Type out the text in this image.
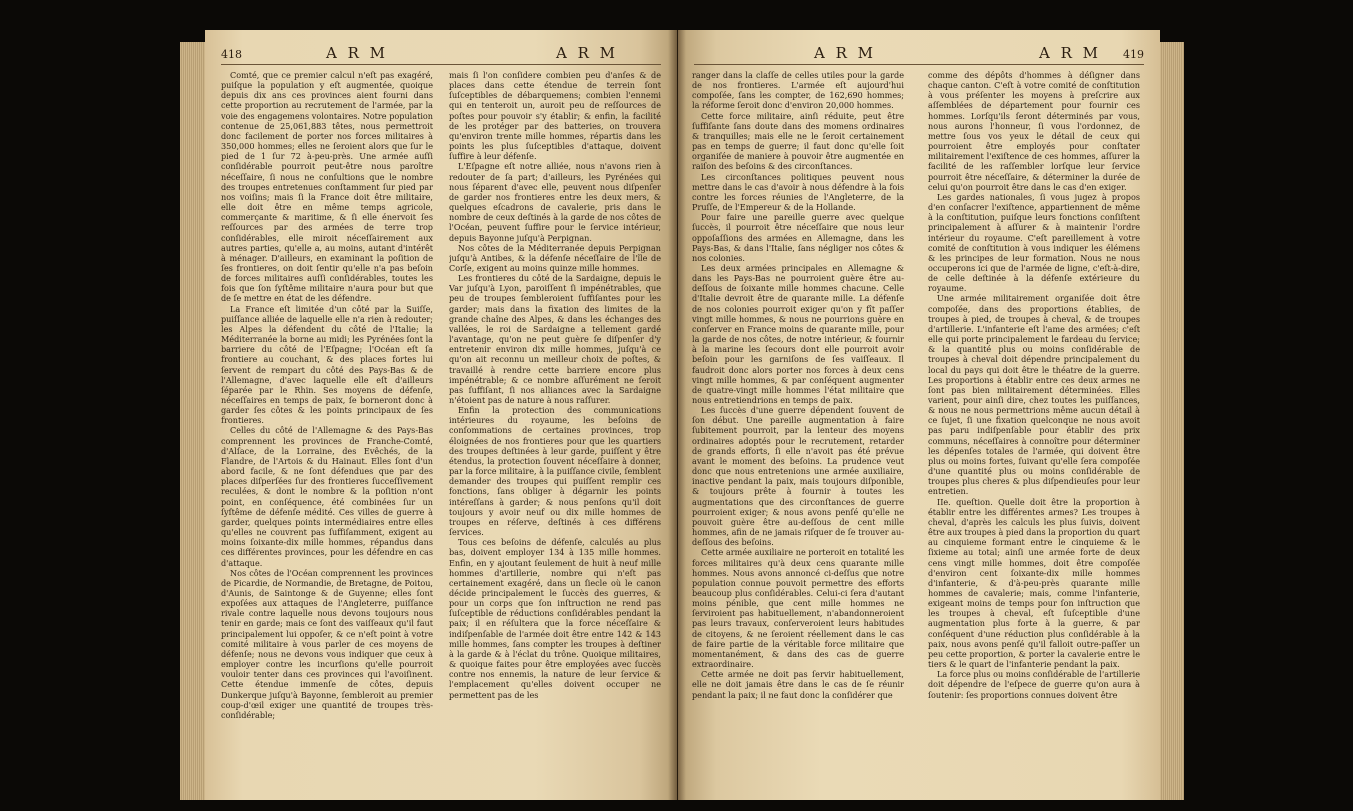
418	A R M	A R M

Comté, que ce premier calcul n'eſt pas exagéré, puiſque la population y eſt augmentée, quoique depuis dix ans ces provinces aient fourni dans cette proportion au recrutement de l'armée, par la voie des engagemens volontaires. Notre population contenue de 25,061,883 têtes, nous permettroit donc facilement de porter nos forces militaires à 350,000 hommes; elles ne ſeroient alors que ſur le pied de 1 ſur 72 à-peu-près. Une armée auſſi conſidérable pourroit peut-être nous paroître néceſſaire, ſi nous ne conſultions que le nombre des troupes entretenues conſtamment ſur pied par nos voiſins; mais ſi la France doit être militaire, elle doit être en même temps agricole, commerçante & maritime, & ſi elle énervoit ſes reſſources par des armées de terre trop conſidérables, elle miroit néceſſairement aux autres parties, qu'elle a, au moins, autant d'intérêt à ménager. D'ailleurs, en examinant la poſition de ſes frontieres, on doit ſentir qu'elle n'a pas beſoin de forces militaires auſſi conſidérables, toutes les fois que ſon ſyſtême militaire n'aura pour but que de ſe mettre en état de les défendre.

La France eſt limitée d'un côté par la Suiſſe, puiſſance alliée de laquelle elle n'a rien à redouter; les Alpes la défendent du côté de l'Italie; la Méditerranée la borne au midi; les Pyrénées ſont la barriere du côté de l'Eſpagne; l'Océan eſt ſa frontiere au couchant, & des places fortes lui ſervent de rempart du côté des Pays-Bas & de l'Allemagne, d'avec laquelle elle eſt d'ailleurs ſéparée par le Rhin. Ses moyens de défenſe, néceſſaires en temps de paix, ſe borneront donc à garder ſes côtes & les points principaux de ſes frontieres.

Celles du côté de l'Allemagne & des Pays-Bas comprennent les provinces de Franche-Comté, d'Alſace, de la Lorraine, des Evêchés, de la Flandre, de l'Artois & du Hainaut. Elles ſont d'un abord facile, & ne ſont défendues que par des places diſperſées ſur des frontieres ſucceſſivement reculées, & dont le nombre & la poſition n'ont point, en conſéquence, été combinées ſur un ſyſtême de défenſe médité. Ces villes de guerre à garder, quelques points intermédiaires entre elles qu'elles ne couvrent pas ſuffiſamment, exigent au moins ſoixante-dix mille hommes, répandus dans ces différentes provinces, pour les défendre en cas d'attaque.

Nos côtes de l'Océan comprennent les provinces de Picardie, de Normandie, de Bretagne, de Poitou, d'Aunis, de Saintonge & de Guyenne; elles ſont expoſées aux attaques de l'Angleterre, puiſſance rivale contre laquelle nous devons toujours nous tenir en garde; mais ce ſont des vaiſſeaux qu'il faut principalement lui oppoſer, & ce n'eſt point à votre comité militaire à vous parler de ces moyens de défenſe; nous ne devons vous indiquer que ceux à employer contre les incurſions qu'elle pourroit vouloir tenter dans ces provinces qui l'avoiſinent. Cette étendue immenſe de côtes, depuis Dunkerque juſqu'à Bayonne, ſembleroit au premier coup-d'œil exiger une quantité de troupes très-conſidérable;

mais ſi l'on conſidere combien peu d'anſes & de places dans cette étendue de terrein ſont ſuſceptibles de débarquemens; combien l'ennemi qui en tenteroit un, auroit peu de reſſources de poſtes pour pouvoir s'y établir; & enfin, la facilité de les protéger par des batteries, on trouvera qu'environ trente mille hommes, répartis dans les points les plus ſuſceptibles d'attaque, doivent ſuffire à leur défenſe.

L'Eſpagne eſt notre alliée, nous n'avons rien à redouter de ſa part; d'ailleurs, les Pyrénées qui nous ſéparent d'avec elle, peuvent nous diſpenſer de garder nos frontieres entre les deux mers, & quelques eſcadrons de cavalerie, pris dans le nombre de ceux deſtinés à la garde de nos côtes de l'Océan, peuvent ſuffire pour le ſervice intérieur, depuis Bayonne juſqu'à Perpignan.

Nos côtes de la Méditerranée depuis Perpignan juſqu'à Antibes, & la défenſe néceſſaire de l'île de Corſe, exigent au moins quinze mille hommes.

Les frontieres du côté de la Sardaigne, depuis le Var juſqu'à Lyon, paroiſſent ſi impénétrables, que peu de troupes ſembleroient ſuffiſantes pour les garder; mais dans la fixation des limites de la grande chaîne des Alpes, & dans les échanges des vallées, le roi de Sardaigne a tellement gardé l'avantage, qu'on ne peut guère ſe diſpenſer d'y entretenir environ dix mille hommes, juſqu'à ce qu'on ait reconnu un meilleur choix de poſtes, & travaillé à rendre cette barriere encore plus impénétrable; & ce nombre aſſurément ne ſeroit pas ſuffiſant, ſi nos alliances avec la Sardaigne n'étoient pas de nature à nous raſſurer.

Enfin la protection des communications intérieures du royaume, les beſoins de conſommations de certaines provinces, trop éloignées de nos frontieres pour que les quartiers des troupes deſtinées à leur garde, puiſſent y être étendus, la protection ſouvent néceſſaire à donner, par la force militaire, à la puiſſance civile, ſemblent demander des troupes qui puiſſent remplir ces fonctions, ſans obliger à dégarnir les points intéreſſans à garder; & nous penſons qu'il doit toujours y avoir neuf ou dix mille hommes de troupes en réſerve, deſtinés à ces différens ſervices.

Tous ces beſoins de défenſe, calculés au plus bas, doivent employer 134 à 135 mille hommes. Enfin, en y ajoutant ſeulement de huit à neuf mille hommes d'artillerie, nombre qui n'eſt pas certainement exagéré, dans un ſiecle où le canon décide principalement le ſuccès des guerres, & pour un corps que ſon inſtruction ne rend pas ſuſceptible de réductions conſidérables pendant la paix; il en réſultera que la force néceſſaire & indiſpenſable de l'armée doit être entre 142 & 143 mille hommes, ſans compter les troupes à deſtiner à la garde & à l'éclat du trône. Quoique militaires, & quoique faites pour être employées avec ſuccès contre nos ennemis, la nature de leur ſervice & l'emplacement qu'elles doivent occuper ne permettent pas de les

A R M	A R M 419

ranger dans la claſſe de celles utiles pour la garde de nos frontieres. L'armée eſt aujourd'hui compoſée, ſans les compter, de 162,690 hommes; la réforme ſeroit donc d'environ 20,000 hommes.

Cette force militaire, ainſi réduite, peut être ſuffiſante ſans doute dans des momens ordinaires & tranquilles; mais elle ne le ſeroit certainement pas en temps de guerre; il faut donc qu'elle ſoit organiſée de maniere à pouvoir être augmentée en raiſon des beſoins & des circonſtances.

Les circonſtances politiques peuvent nous mettre dans le cas d'avoir à nous défendre à la fois contre les forces réunies de l'Angleterre, de la Pruſſe, de l'Empereur & de la Hollande.

Pour faire une pareille guerre avec quelque ſuccès, il pourroit être néceſſaire que nous leur oppoſaſſions des armées en Allemagne, dans les Pays-Bas, & dans l'Italie, ſans négliger nos côtes & nos colonies.

Les deux armées principales en Allemagne & dans les Pays-Bas ne pourroient guère être au-deſſous de ſoixante mille hommes chacune. Celle d'Italie devroit être de quarante mille. La défenſe de nos colonies pourroit exiger qu'on y fît paſſer vingt mille hommes, & nous ne pourrions guère en conſerver en France moins de quarante mille, pour la garde de nos côtes, de notre intérieur, & fournir à la marine les ſecours dont elle pourroit avoir beſoin pour les garniſons de ſes vaiſſeaux. Il faudroit donc alors porter nos forces à deux cens vingt mille hommes, & par conſéquent augmenter de quatre-vingt mille hommes l'état militaire que nous entretiendrions en temps de paix.

Les ſuccès d'une guerre dépendent ſouvent de ſon début. Une pareille augmentation à faire ſubitement pourroit, par la lenteur des moyens ordinaires adoptés pour le recrutement, retarder de grands efforts, ſi elle n'avoit pas été prévue avant le moment des beſoins. La prudence veut donc que nous entretenions une armée auxiliaire, inactive pendant la paix, mais toujours diſponible, & toujours prête à fournir à toutes les augmentations que des circonſtances de guerre pourroient exiger; & nous avons penſé qu'elle ne pouvoit guère être au-deſſous de cent mille hommes, afin de ne jamais riſquer de ſe trouver au-deſſous des beſoins.

Cette armée auxiliaire ne porteroit en totalité les forces militaires qu'à deux cens quarante mille hommes. Nous avons annoncé ci-deſſus que notre population connue pouvoit permettre des efforts beaucoup plus conſidérables. Celui-ci ſera d'autant moins pénible, que cent mille hommes ne ſerviroient pas habituellement, n'abandonneroient pas leurs travaux, conſerveroient leurs habitudes de citoyens, & ne ſeroient réellement dans le cas de faire partie de la véritable force militaire que momentanément, & dans des cas de guerre extraordinaire.

Cette armée ne doit pas ſervir habituellement, elle ne doit jamais être dans le cas de ſe réunir pendant la paix; il ne faut donc la conſidérer que

comme des dépôts d'hommes à déſigner dans chaque canton. C'eſt à votre comité de conſtitution à vous préſenter les moyens à preſcrire aux aſſemblées de département pour fournir ces hommes. Lorſqu'ils ſeront déterminés par vous, nous aurons l'honneur, ſi vous l'ordonnez, de mettre ſous vos yeux le détail de ceux qui pourroient être employés pour conſtater militairement l'exiſtence de ces hommes, aſſurer la facilité de les raſſembler lorſque leur ſervice pourroit être néceſſaire, & déterminer la durée de celui qu'on pourroit être dans le cas d'en exiger.

Les gardes nationales, ſi vous jugez à propos d'en conſacrer l'exiſtence, appartiennent de même à la conſtitution, puiſque leurs fonctions conſiſtent principalement à aſſurer & à maintenir l'ordre intérieur du royaume. C'eſt pareillement à votre comité de conſtitution à vous indiquer les élémens & les principes de leur formation. Nous ne nous occuperons ici que de l'armée de ligne, c'eſt-à-dire, de celle deſtinée à la défenſe extérieure du royaume.

Une armée militairement organiſée doit être compoſée, dans des proportions établies, de troupes à pied, de troupes à cheval, & de troupes d'artillerie. L'infanterie eſt l'ame des armées; c'eſt elle qui porte principalement le fardeau du ſervice; & la quantité plus ou moins conſidérable de troupes à cheval doit dépendre principalement du local du pays qui doit être le théatre de la guerre. Les proportions à établir entre ces deux armes ne ſont pas bien militairement déterminées. Elles varient, pour ainſi dire, chez toutes les puiſſances, & nous ne nous permettrions même aucun détail à ce ſujet, ſi une fixation quelconque ne nous avoit pas paru indiſpenſable pour établir des prix communs, néceſſaires à connoître pour déterminer les dépenſes totales de l'armée, qui doivent être plus ou moins fortes, ſuivant qu'elle ſera compoſée d'une quantité plus ou moins conſidérable de troupes plus cheres & plus diſpendieuſes pour leur entretien.

IIe. queſtion. Quelle doit être la proportion à établir entre les différentes armes? Les troupes à cheval, d'après les calculs les plus ſuivis, doivent être aux troupes à pied dans la proportion du quart au cinquieme formant entre le cinquieme & le ſixieme au total; ainſi une armée forte de deux cens vingt mille hommes, doit être compoſée d'environ cent ſoixante-dix mille hommes d'infanterie, & d'à-peu-près quarante mille hommes de cavalerie; mais, comme l'infanterie, exigeant moins de temps pour ſon inſtruction que les troupes à cheval, eſt ſuſceptible d'une augmentation plus forte à la guerre, & par conſéquent d'une réduction plus conſidérable à la paix, nous avons penſé qu'il falloit outre-paſſer un peu cette proportion, & porter la cavalerie entre le tiers & le quart de l'infanterie pendant la paix.

La force plus ou moins conſidérable de l'artillerie doit dépendre de l'eſpece de guerre qu'on aura à ſoutenir: ſes proportions connues doivent être
